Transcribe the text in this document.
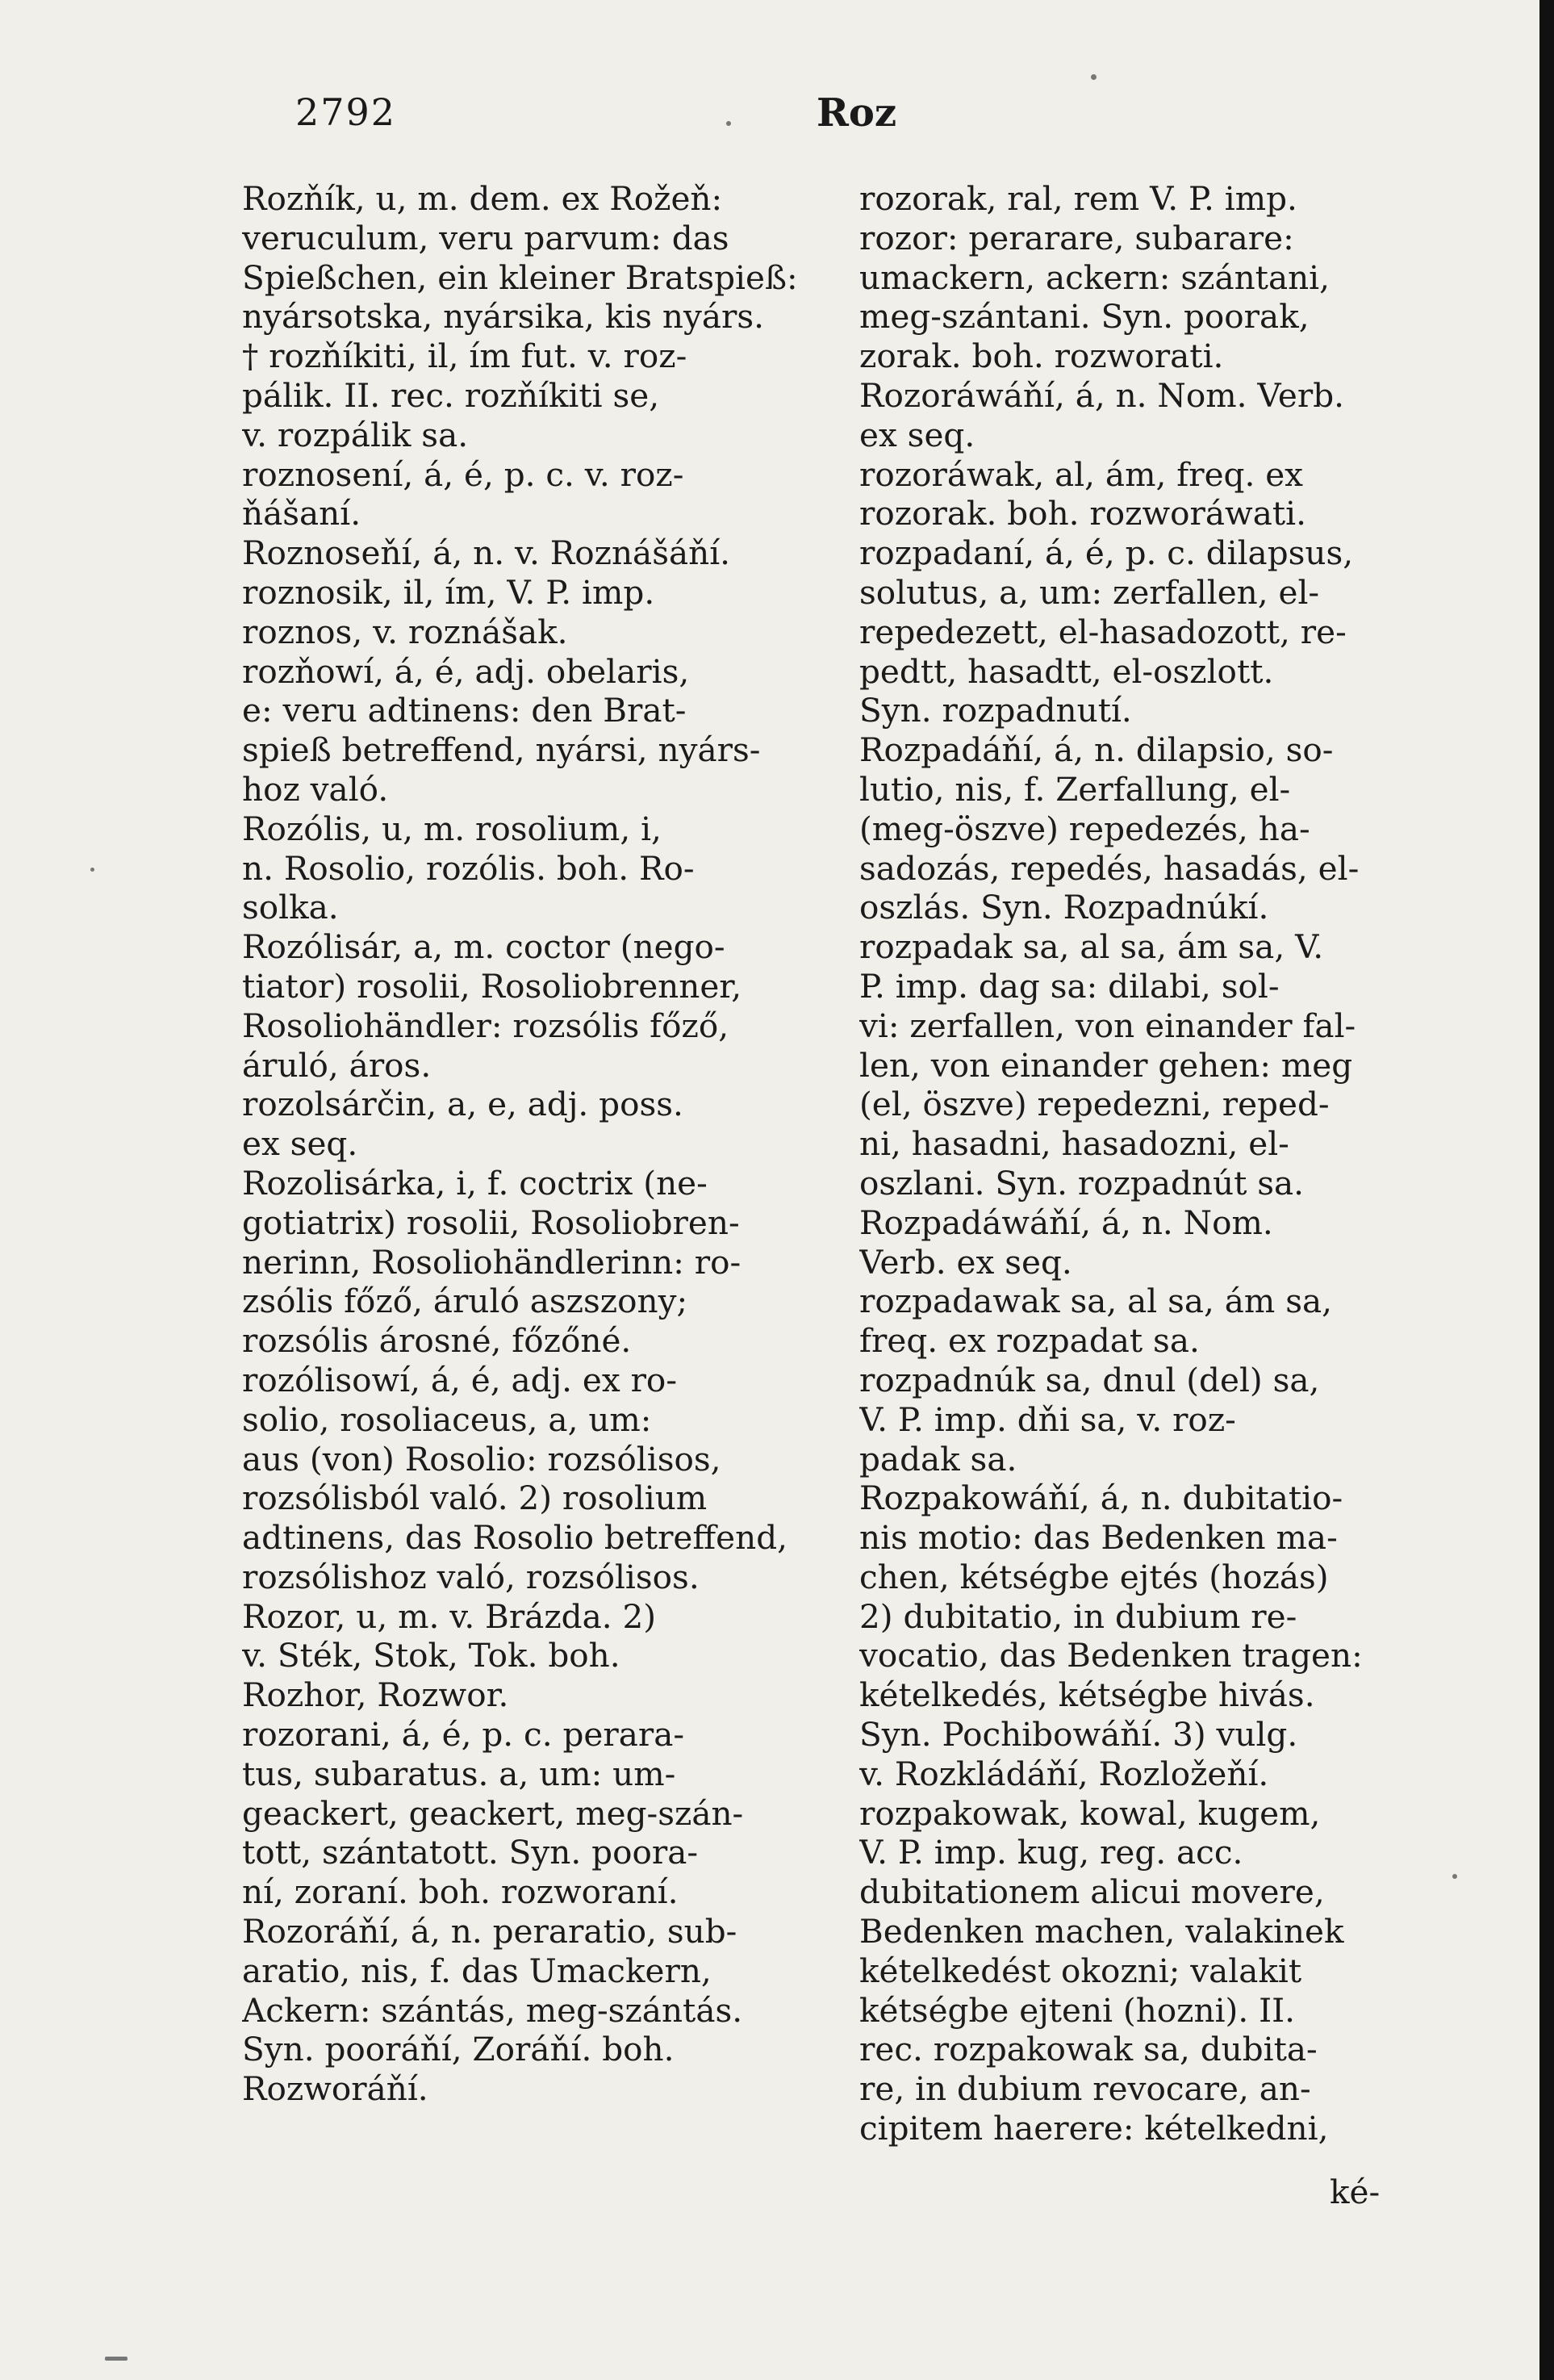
2792	Roz
Rozňík, u, m. dem. ex Rožeň:
veruculum, veru parvum: das
Spießchen, ein kleiner Bratspieß:
nyársotska, nyársika, kis nyárs.
† rozňíkiti, il, ím fut. v. roz-
pálik. II. rec. rozňíkiti se,
v. rozpálik sa.
roznosení, á, é, p. c. v. roz-
ňášaní.
Roznoseňí, á, n. v. Roznášáňí.
roznosik, il, ím, V. P. imp.
roznos, v. roznášak.
rozňowí, á, é, adj. obelaris,
e: veru adtinens: den Brat-
spieß betreffend, nyársi, nyárs-
hoz való.
Rozólis, u, m. rosolium, i,
n. Rosolio, rozólis. boh. Ro-
solka.
Rozólisár, a, m. coctor (nego-
tiator) rosolii, Rosoliobrenner,
Rosoliohändler: rozsólis főző,
áruló, áros.
rozolsárčin, a, e, adj. poss.
ex seq.
Rozolisárka, i, f. coctrix (ne-
gotiatrix) rosolii, Rosoliobren-
nerinn, Rosoliohändlerinn: ro-
zsólis főző, áruló aszszony;
rozsólis árosné, főzőné.
rozólisowí, á, é, adj. ex ro-
solio, rosoliaceus, a, um:
aus (von) Rosolio: rozsólisos,
rozsólisból való. 2) rosolium
adtinens, das Rosolio betreffend,
rozsólishoz való, rozsólisos.
Rozor, u, m. v. Brázda. 2)
v. Sték, Stok, Tok. boh.
Rozhor, Rozwor.
rozorani, á, é, p. c. perara-
tus, subaratus. a, um: um-
geackert, geackert, meg-szán-
tott, szántatott. Syn. poora-
ní, zoraní. boh. rozworaní.
Rozoráňí, á, n. peraratio, sub-
aratio, nis, f. das Umackern,
Ackern: szántás, meg-szántás.
Syn. pooráňí, Zoráňí. boh.
Rozworáňí.
rozorak, ral, rem V. P. imp.
rozor: perarare, subarare:
umackern, ackern: szántani,
meg-szántani. Syn. poorak,
zorak. boh. rozworati.
Rozoráwáňí, á, n. Nom. Verb.
ex seq.
rozoráwak, al, ám, freq. ex
rozorak. boh. rozworáwati.
rozpadaní, á, é, p. c. dilapsus,
solutus, a, um: zerfallen, el-
repedezett, el-hasadozott, re-
pedtt, hasadtt, el-oszlott.
Syn. rozpadnutí.
Rozpadáňí, á, n. dilapsio, so-
lutio, nis, f. Zerfallung, el-
(meg-öszve) repedezés, ha-
sadozás, repedés, hasadás, el-
oszlás. Syn. Rozpadnúkí.
rozpadak sa, al sa, ám sa, V.
P. imp. dag sa: dilabi, sol-
vi: zerfallen, von einander fal-
len, von einander gehen: meg
(el, öszve) repedezni, reped-
ni, hasadni, hasadozni, el-
oszlani. Syn. rozpadnút sa.
Rozpadáwáňí, á, n. Nom.
Verb. ex seq.
rozpadawak sa, al sa, ám sa,
freq. ex rozpadat sa.
rozpadnúk sa, dnul (del) sa,
V. P. imp. dňi sa, v. roz-
padak sa.
Rozpakowáňí, á, n. dubitatio-
nis motio: das Bedenken ma-
chen, kétségbe ejtés (hozás)
2) dubitatio, in dubium re-
vocatio, das Bedenken tragen:
kételkedés, kétségbe hivás.
Syn. Pochibowáňí. 3) vulg.
v. Rozkládáňí, Rozložeňí.
rozpakowak, kowal, kugem,
V. P. imp. kug, reg. acc.
dubitationem alicui movere,
Bedenken machen, valakinek
kételkedést okozni; valakit
kétségbe ejteni (hozni). II.
rec. rozpakowak sa, dubita-
re, in dubium revocare, an-
cipitem haerere: kételkedni,
ké-
